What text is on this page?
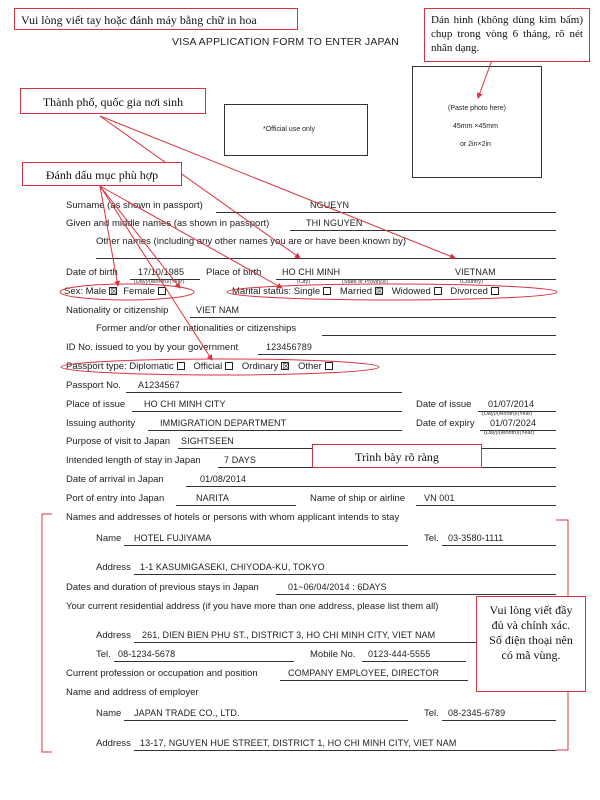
VISA APPLICATION FORM TO ENTER JAPAN
*Official use only
(Paste photo here)
45mm ×45mm
or 2in×2in
Surname (as shown in passport)	NGUEYN
Given and middle names (as shown in passport)	THI NGUYEN
Other names (including any other names you are or have been known by)
Date of birth 17/10/1985
(Day)/(Month)/(Year)
Place of birth HO CHI MINH	VIETNAM
(City)	(State or Province)	(Country)
Sex: Male ☒ Female	Marital status: Single Married ☒ Widowed Divorced
Nationality or citizenship	VIET NAM
Former and/or other nationalities or citizenships
ID No. issued to you by your government	123456789
Passport type: Diplomatic Official Ordinary ☒ Other
Passport No. A1234567
Place of issue HO CHI MINH CITY	Date of issue 01/07/2014
(Day)/(Month)/(Year)
Issuing authority	IMMIGRATION DEPARTMENT	Date of expiry 01/07/2024
(Day)/(Month)/(Year)
Purpose of visit to Japan SIGHTSEEN
Intended length of stay in Japan	7 DAYS
Date of arrival in Japan	01/08/2014
Port of entry into Japan	NARITA	Name of ship or airline VN 001
Names and addresses of hotels or persons with whom applicant intends to stay
Name HOTEL FUJIYAMA	Tel. 03-3580-1111
Address 1-1 KASUMIGASEKI, CHIYODA-KU, TOKYO
Dates and duration of previous stays in Japan	01~06/04/2014 : 6DAYS
Your current residential address (if you have more than one address, please list them all)
Address 261, DIEN BIEN PHU ST., DISTRICT 3, HO CHI MINH CITY, VIET NAM
Tel. 08-1234-5678	Mobile No. 0123-444-5555
Current profession or occupation and position	COMPANY EMPLOYEE, DIRECTOR
Name and address of employer
Name JAPAN TRADE CO., LTD.	Tel. 08-2345-6789
Address 13-17, NGUYEN HUE STREET, DISTRICT 1, HO CHI MINH CITY, VIET NAM
Vui lòng viết tay hoặc đánh máy bằng chữ in hoa	Dán hình (không dùng kim bấm) chụp trong vòng 6 tháng, rõ nét nhân dạng.
Thành phố, quốc gia nơi sinh
Đánh dấu mục phù hợp
Trình bày rõ ràng
Vui lòng viết đầy đủ và chính xác. Số điện thoại nên có mã vùng.
